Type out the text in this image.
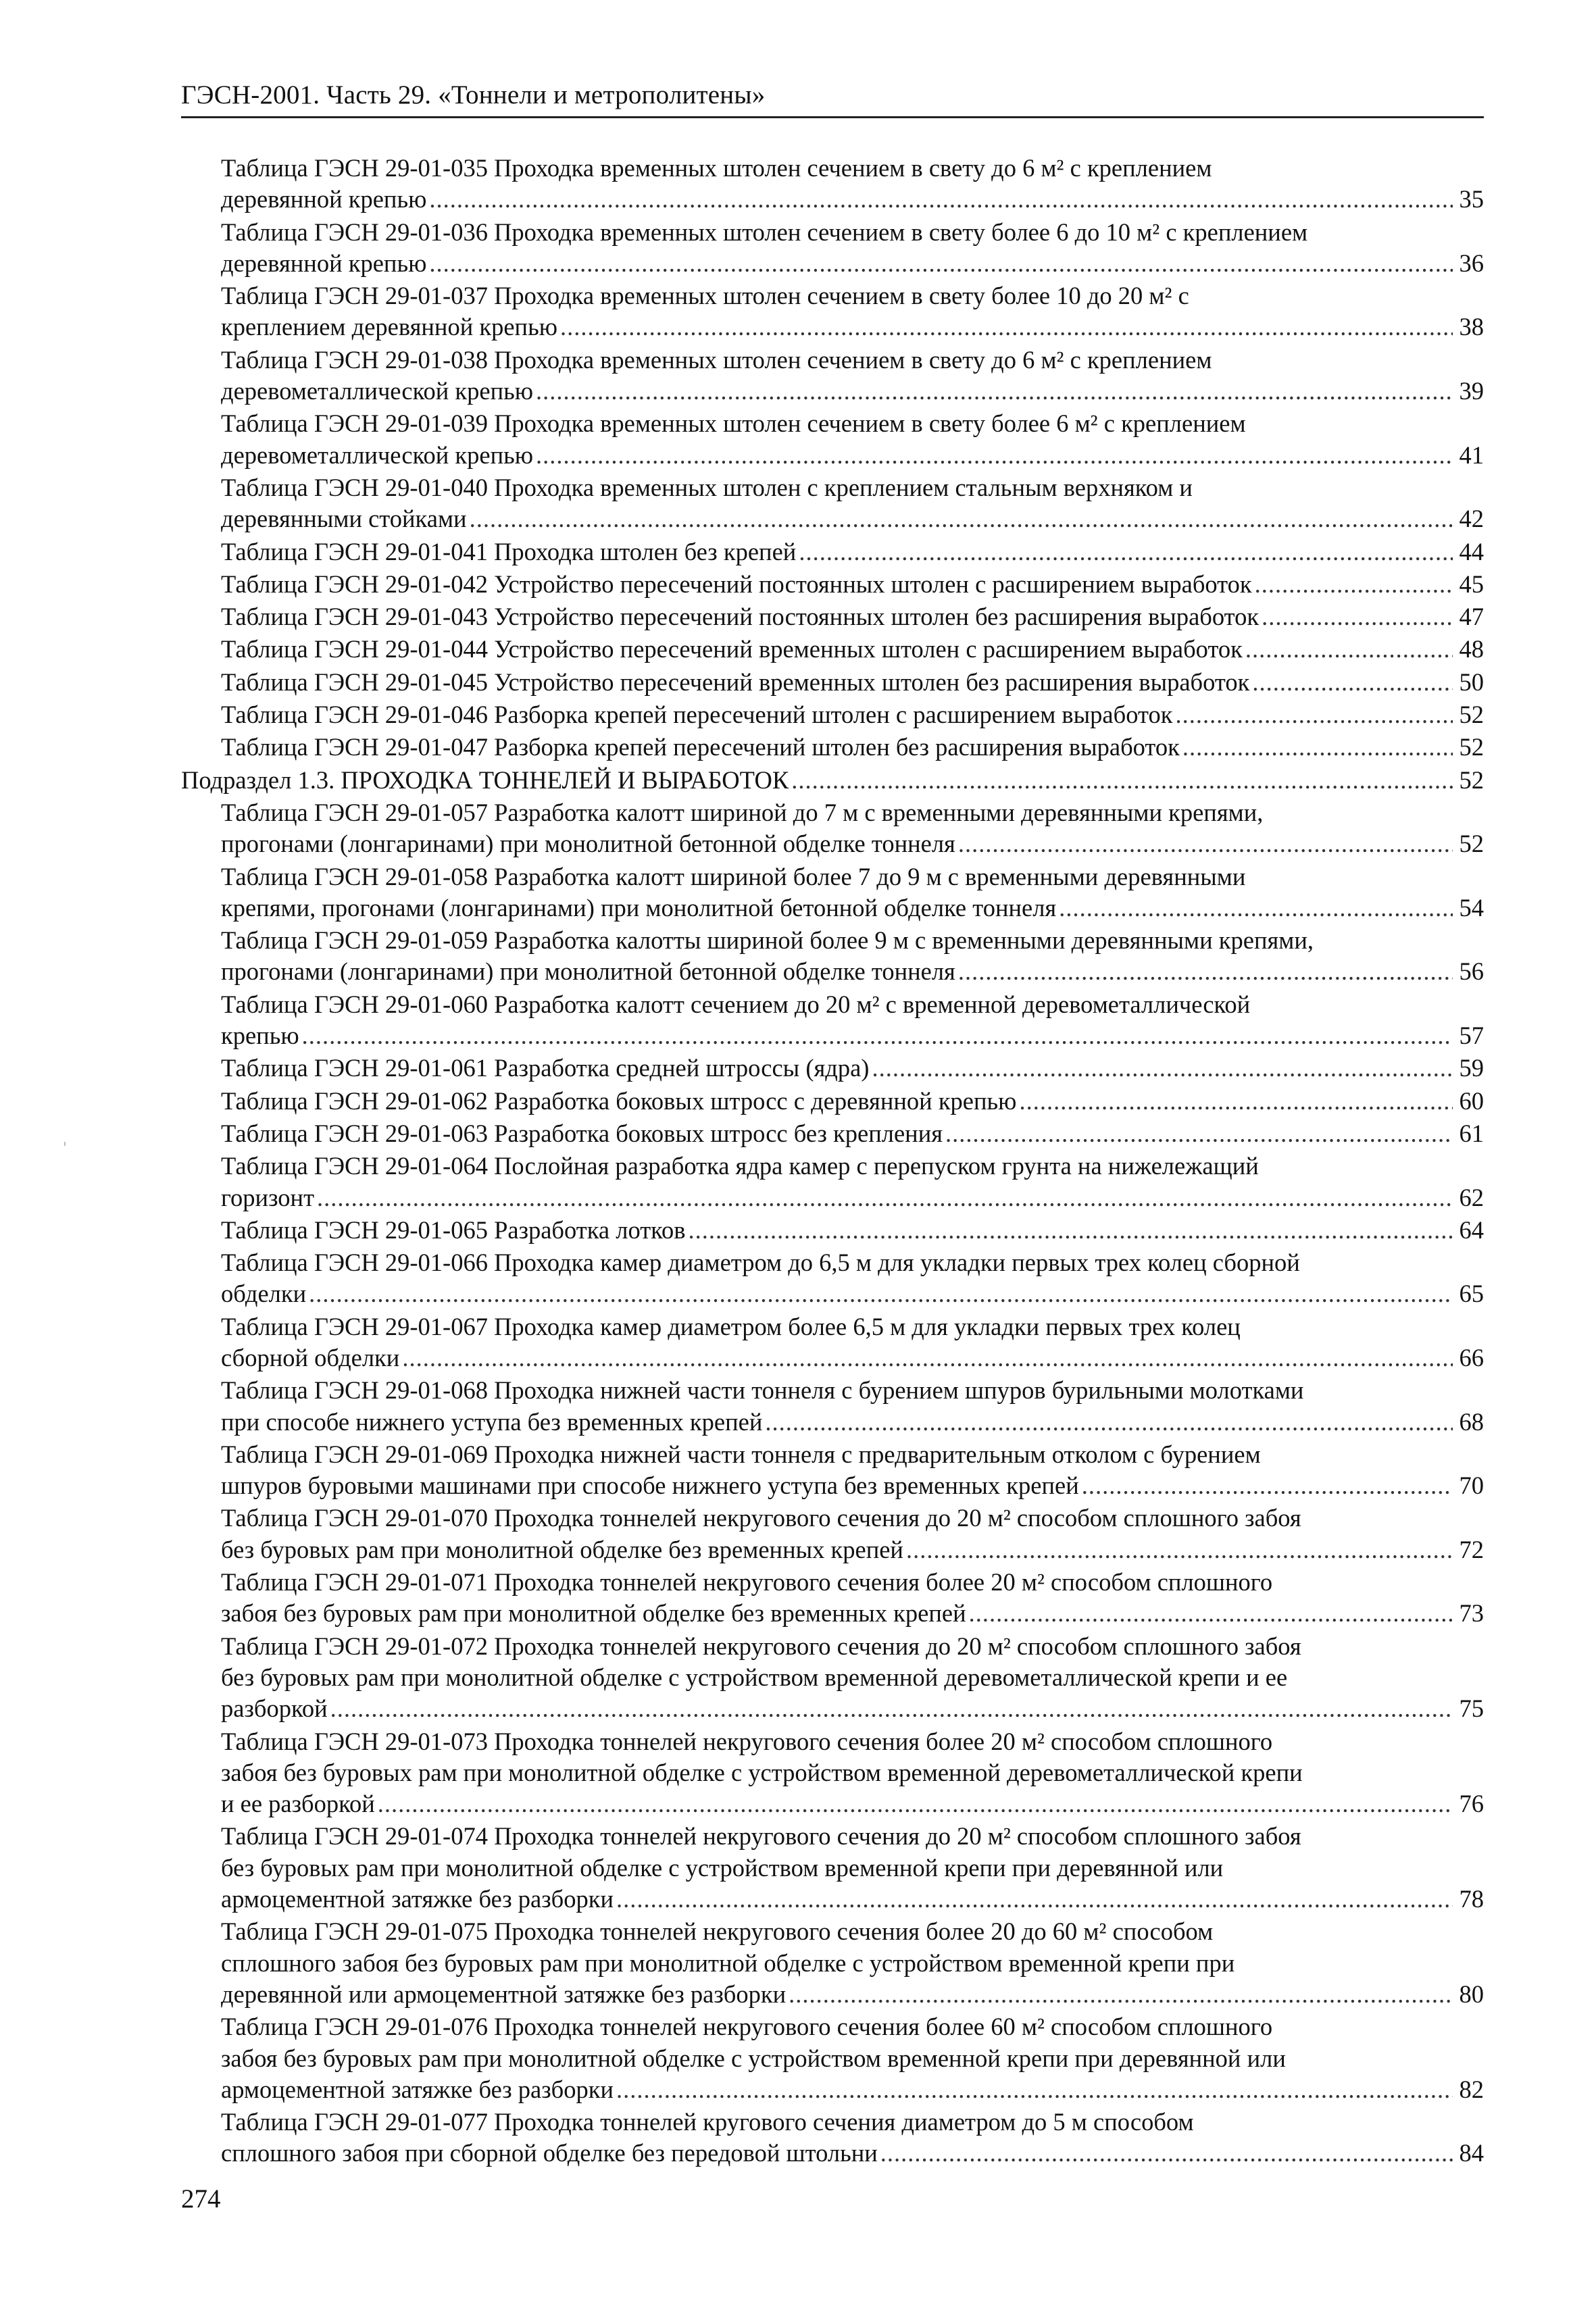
ГЭСН-2001. Часть 29. «Тоннели и метрополитены»
Таблица ГЭСН 29-01-035 Проходка временных штолен сечением в свету до 6 м² с креплением
деревянной крепью .....	35
Таблица ГЭСН 29-01-036 Проходка временных штолен сечением в свету более 6 до 10 м² с креплением
деревянной крепью .....	36
Таблица ГЭСН 29-01-037 Проходка временных штолен сечением в свету более 10 до 20 м² с
креплением деревянной крепью .....	38
Таблица ГЭСН 29-01-038 Проходка временных штолен сечением в свету до 6 м² с креплением
деревометаллической крепью .....	39
Таблица ГЭСН 29-01-039 Проходка временных штолен сечением в свету более 6 м² с креплением
деревометаллической крепью .....	41
Таблица ГЭСН 29-01-040 Проходка временных штолен с креплением стальным верхняком и
деревянными стойками .....	42
Таблица ГЭСН 29-01-041 Проходка штолен без крепей .....	44
Таблица ГЭСН 29-01-042 Устройство пересечений постоянных штолен с расширением выработок .....	45
Таблица ГЭСН 29-01-043 Устройство пересечений постоянных штолен без расширения выработок .....	47
Таблица ГЭСН 29-01-044 Устройство пересечений временных штолен с расширением выработок .....	48
Таблица ГЭСН 29-01-045 Устройство пересечений временных штолен без расширения выработок .....	50
Таблица ГЭСН 29-01-046 Разборка крепей пересечений штолен с расширением выработок .....	52
Таблица ГЭСН 29-01-047 Разборка крепей пересечений штолен без расширения выработок .....	52
Подраздел 1.3. ПРОХОДКА ТОННЕЛЕЙ И ВЫРАБОТОК .....	52
Таблица ГЭСН 29-01-057 Разработка калотт шириной до 7 м с временными деревянными крепями,
прогонами (лонгаринами) при монолитной бетонной обделке тоннеля .....	52
Таблица ГЭСН 29-01-058 Разработка калотт шириной более 7 до 9 м с временными деревянными
крепями, прогонами (лонгаринами) при монолитной бетонной обделке тоннеля .....	54
Таблица ГЭСН 29-01-059 Разработка калотты шириной более 9 м с временными деревянными крепями,
прогонами (лонгаринами) при монолитной бетонной обделке тоннеля .....	56
Таблица ГЭСН 29-01-060 Разработка калотт сечением до 20 м² с временной деревометаллической
крепью .....	57
Таблица ГЭСН 29-01-061 Разработка средней штроссы (ядра) .....	59
Таблица ГЭСН 29-01-062 Разработка боковых штросс с деревянной крепью .....	60
Таблица ГЭСН 29-01-063 Разработка боковых штросс без крепления .....	61
Таблица ГЭСН 29-01-064 Послойная разработка ядра камер с перепуском грунта на нижележащий
горизонт .....	62
Таблица ГЭСН 29-01-065 Разработка лотков .....	64
Таблица ГЭСН 29-01-066 Проходка камер диаметром до 6,5 м для укладки первых трех колец сборной
обделки .....	65
Таблица ГЭСН 29-01-067 Проходка камер диаметром более 6,5 м для укладки первых трех колец
сборной обделки .....	66
Таблица ГЭСН 29-01-068 Проходка нижней части тоннеля с бурением шпуров бурильными молотками
при способе нижнего уступа без временных крепей .....	68
Таблица ГЭСН 29-01-069 Проходка нижней части тоннеля с предварительным отколом с бурением
шпуров буровыми машинами при способе нижнего уступа без временных крепей .....	70
Таблица ГЭСН 29-01-070 Проходка тоннелей некругового сечения до 20 м² способом сплошного забоя
без буровых рам при монолитной обделке без временных крепей .....	72
Таблица ГЭСН 29-01-071 Проходка тоннелей некругового сечения более 20 м² способом сплошного
забоя без буровых рам при монолитной обделке без временных крепей .....	73
Таблица ГЭСН 29-01-072 Проходка тоннелей некругового сечения до 20 м² способом сплошного забоя
без буровых рам при монолитной обделке с устройством временной деревометаллической крепи и ее
разборкой .....	75
Таблица ГЭСН 29-01-073 Проходка тоннелей некругового сечения более 20 м² способом сплошного
забоя без буровых рам при монолитной обделке с устройством временной деревометаллической крепи
и ее разборкой .....	76
Таблица ГЭСН 29-01-074 Проходка тоннелей некругового сечения до 20 м² способом сплошного забоя
без буровых рам при монолитной обделке с устройством временной крепи при деревянной или
армоцементной затяжке без разборки .....	78
Таблица ГЭСН 29-01-075 Проходка тоннелей некругового сечения более 20 до 60 м² способом
сплошного забоя без буровых рам при монолитной обделке с устройством временной крепи при
деревянной или армоцементной затяжке без разборки .....	80
Таблица ГЭСН 29-01-076 Проходка тоннелей некругового сечения более 60 м² способом сплошного
забоя без буровых рам при монолитной обделке с устройством временной крепи при деревянной или
армоцементной затяжке без разборки .....	82
Таблица ГЭСН 29-01-077 Проходка тоннелей кругового сечения диаметром до 5 м способом
сплошного забоя при сборной обделке без передовой штольни .....	84
274
